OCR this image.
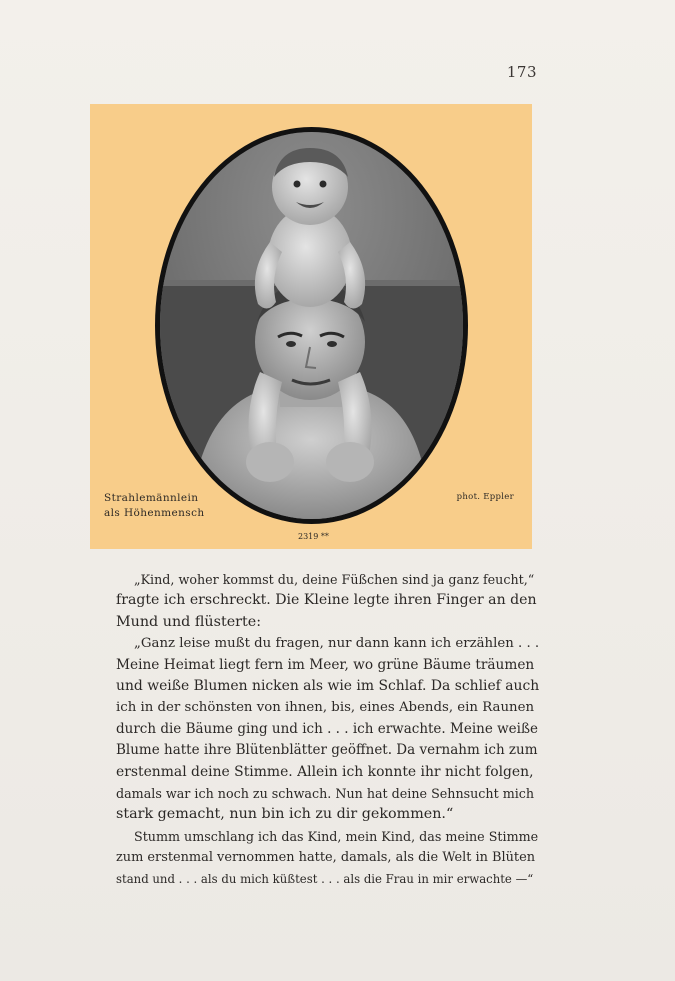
173
Strahlemännlein
als Höhenmensch
phot. Eppler
2319 **
„Kind, woher kommst du, deine Füßchen sind ja ganz feucht,“
fragte ich erschreckt. Die Kleine legte ihren Finger an den
Mund und flüsterte:
„Ganz leise mußt du fragen, nur dann kann ich erzählen . . .
Meine Heimat liegt fern im Meer, wo grüne Bäume träumen
und weiße Blumen nicken als wie im Schlaf. Da schlief auch
ich in der schönsten von ihnen, bis, eines Abends, ein Raunen
durch die Bäume ging und ich . . . ich erwachte. Meine weiße
Blume hatte ihre Blütenblätter geöffnet. Da vernahm ich zum
erstenmal deine Stimme. Allein ich konnte ihr nicht folgen,
damals war ich noch zu schwach. Nun hat deine Sehnsucht mich
stark gemacht, nun bin ich zu dir gekommen.“
Stumm umschlang ich das Kind, mein Kind, das meine Stimme
zum erstenmal vernommen hatte, damals, als die Welt in Blüten
stand und . . . als du mich küßtest . . . als die Frau in mir erwachte —“
